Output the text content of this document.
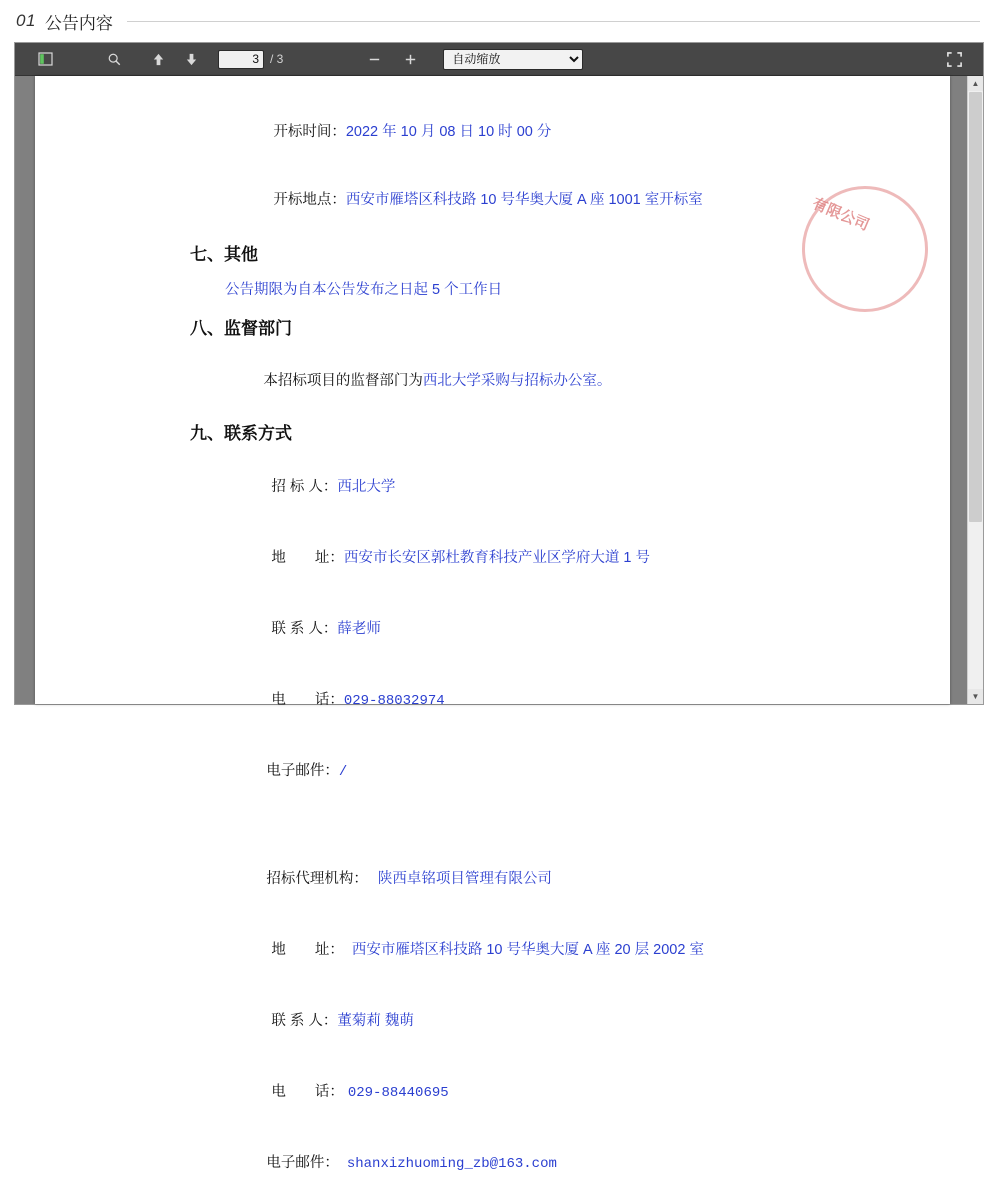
01 公告内容
3
/ 3
自动缩放
有限公司

开标时间：2022 年 10 月 08 日 10 时 00 分

开标地点：西安市雁塔区科技路 10 号华奥大厦 A 座 1001 室开标室

七、其他
公告期限为自本公告发布之日起 5 个工作日
八、监督部门

本招标项目的监督部门为西北大学采购与招标办公室。

九、联系方式

招 标 人：西北大学

地　　址：西安市长安区郭杜教育科技产业区学府大道 1 号

联 系 人：薛老师

电　　话：029-88032974

电子邮件：/

招标代理机构： 陕西卓铭项目管理有限公司

地　　址： 西安市雁塔区科技路 10 号华奥大厦 A 座 20 层 2002 室

联 系 人：董菊莉 魏萌

电　　话： 029-88440695

电子邮件： shanxizhuoming_zb@163.com

▲
▼
